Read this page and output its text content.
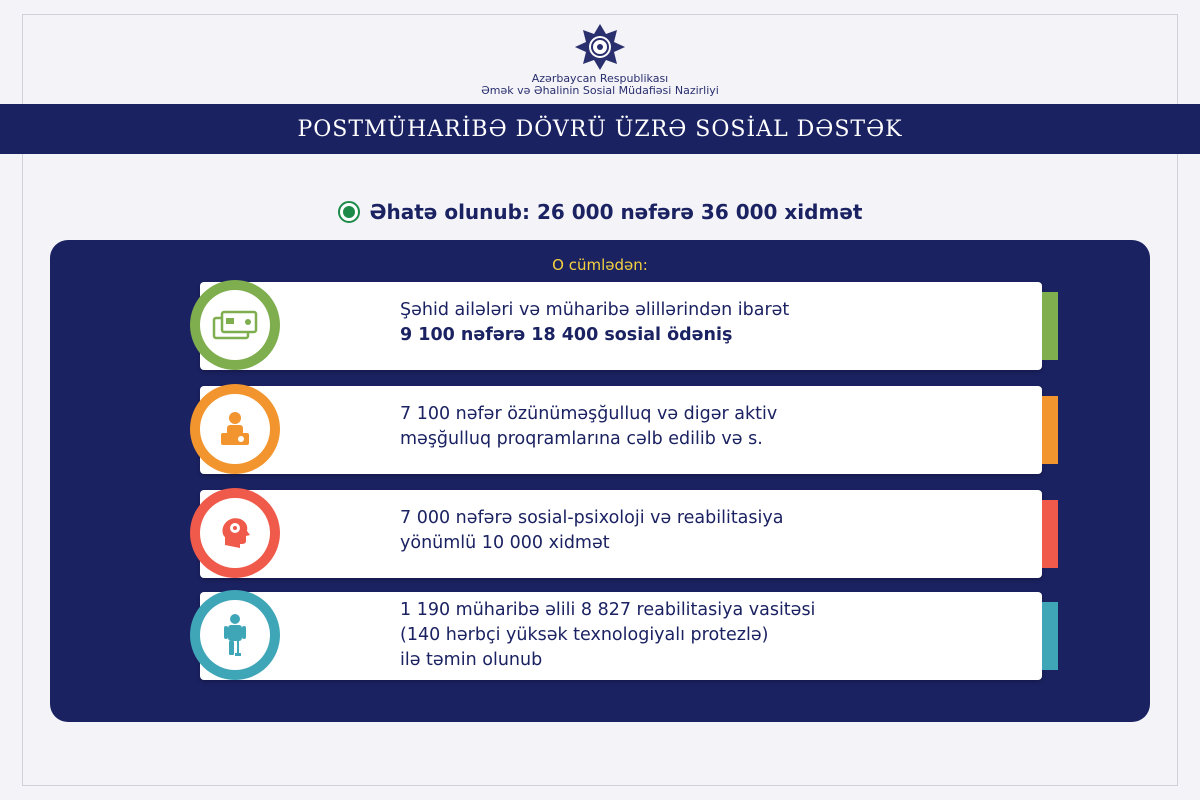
Azərbaycan Respublikası
Əmək və Əhalinin Sosial Müdafiəsi Nazirliyi
POSTMÜHARİBƏ DÖVRÜ ÜZRƏ SOSİAL DƏSTƏK
Əhatə olunub: 26 000 nəfərə 36 000 xidmət
O cümlədən:
Şəhid ailələri və müharibə əlillərindən ibarət
9 100 nəfərə 18 400 sosial ödəniş
7 100 nəfər özünüməşğulluq və digər aktiv
məşğulluq proqramlarına cəlb edilib və s.
7 000 nəfərə sosial-psixoloji və reabilitasiya
yönümlü 10 000 xidmət
1 190 müharibə əlili 8 827 reabilitasiya vasitəsi
(140 hərbçi yüksək texnologiyalı protezlə)
ilə təmin olunub
